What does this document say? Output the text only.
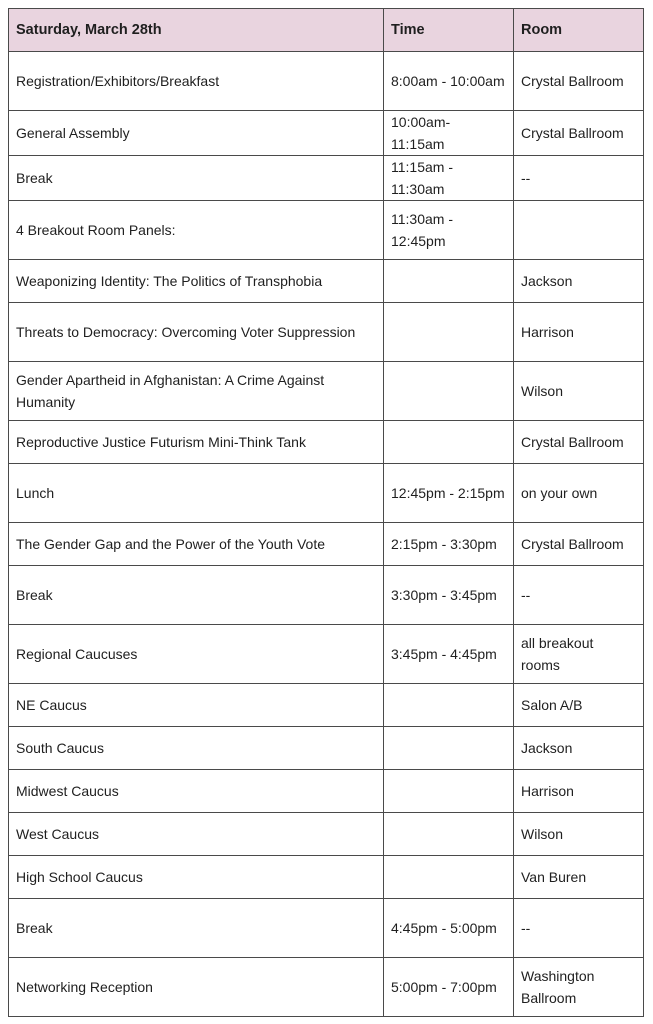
Saturday, March 28th	Time	Room
Registration/Exhibitors/Breakfast	8:00am - 10:00am	Crystal Ballroom
General Assembly	10:00am- 11:15am	Crystal Ballroom
Break	11:15am - 11:30am	--
4 Breakout Room Panels:	11:30am - 12:45pm	
Weaponizing Identity: The Politics of Transphobia		Jackson
Threats to Democracy: Overcoming Voter Suppression		Harrison
Gender Apartheid in Afghanistan: A Crime Against Humanity		Wilson
Reproductive Justice Futurism Mini-Think Tank		Crystal Ballroom
Lunch	12:45pm - 2:15pm	on your own
The Gender Gap and the Power of the Youth Vote	2:15pm - 3:30pm	Crystal Ballroom
Break	3:30pm - 3:45pm	--
Regional Caucuses	3:45pm - 4:45pm	all breakout rooms
NE Caucus		Salon A/B
South Caucus		Jackson
Midwest Caucus		Harrison
West Caucus		Wilson
High School Caucus		Van Buren
Break	4:45pm - 5:00pm	--
Networking Reception	5:00pm - 7:00pm	Washington Ballroom
